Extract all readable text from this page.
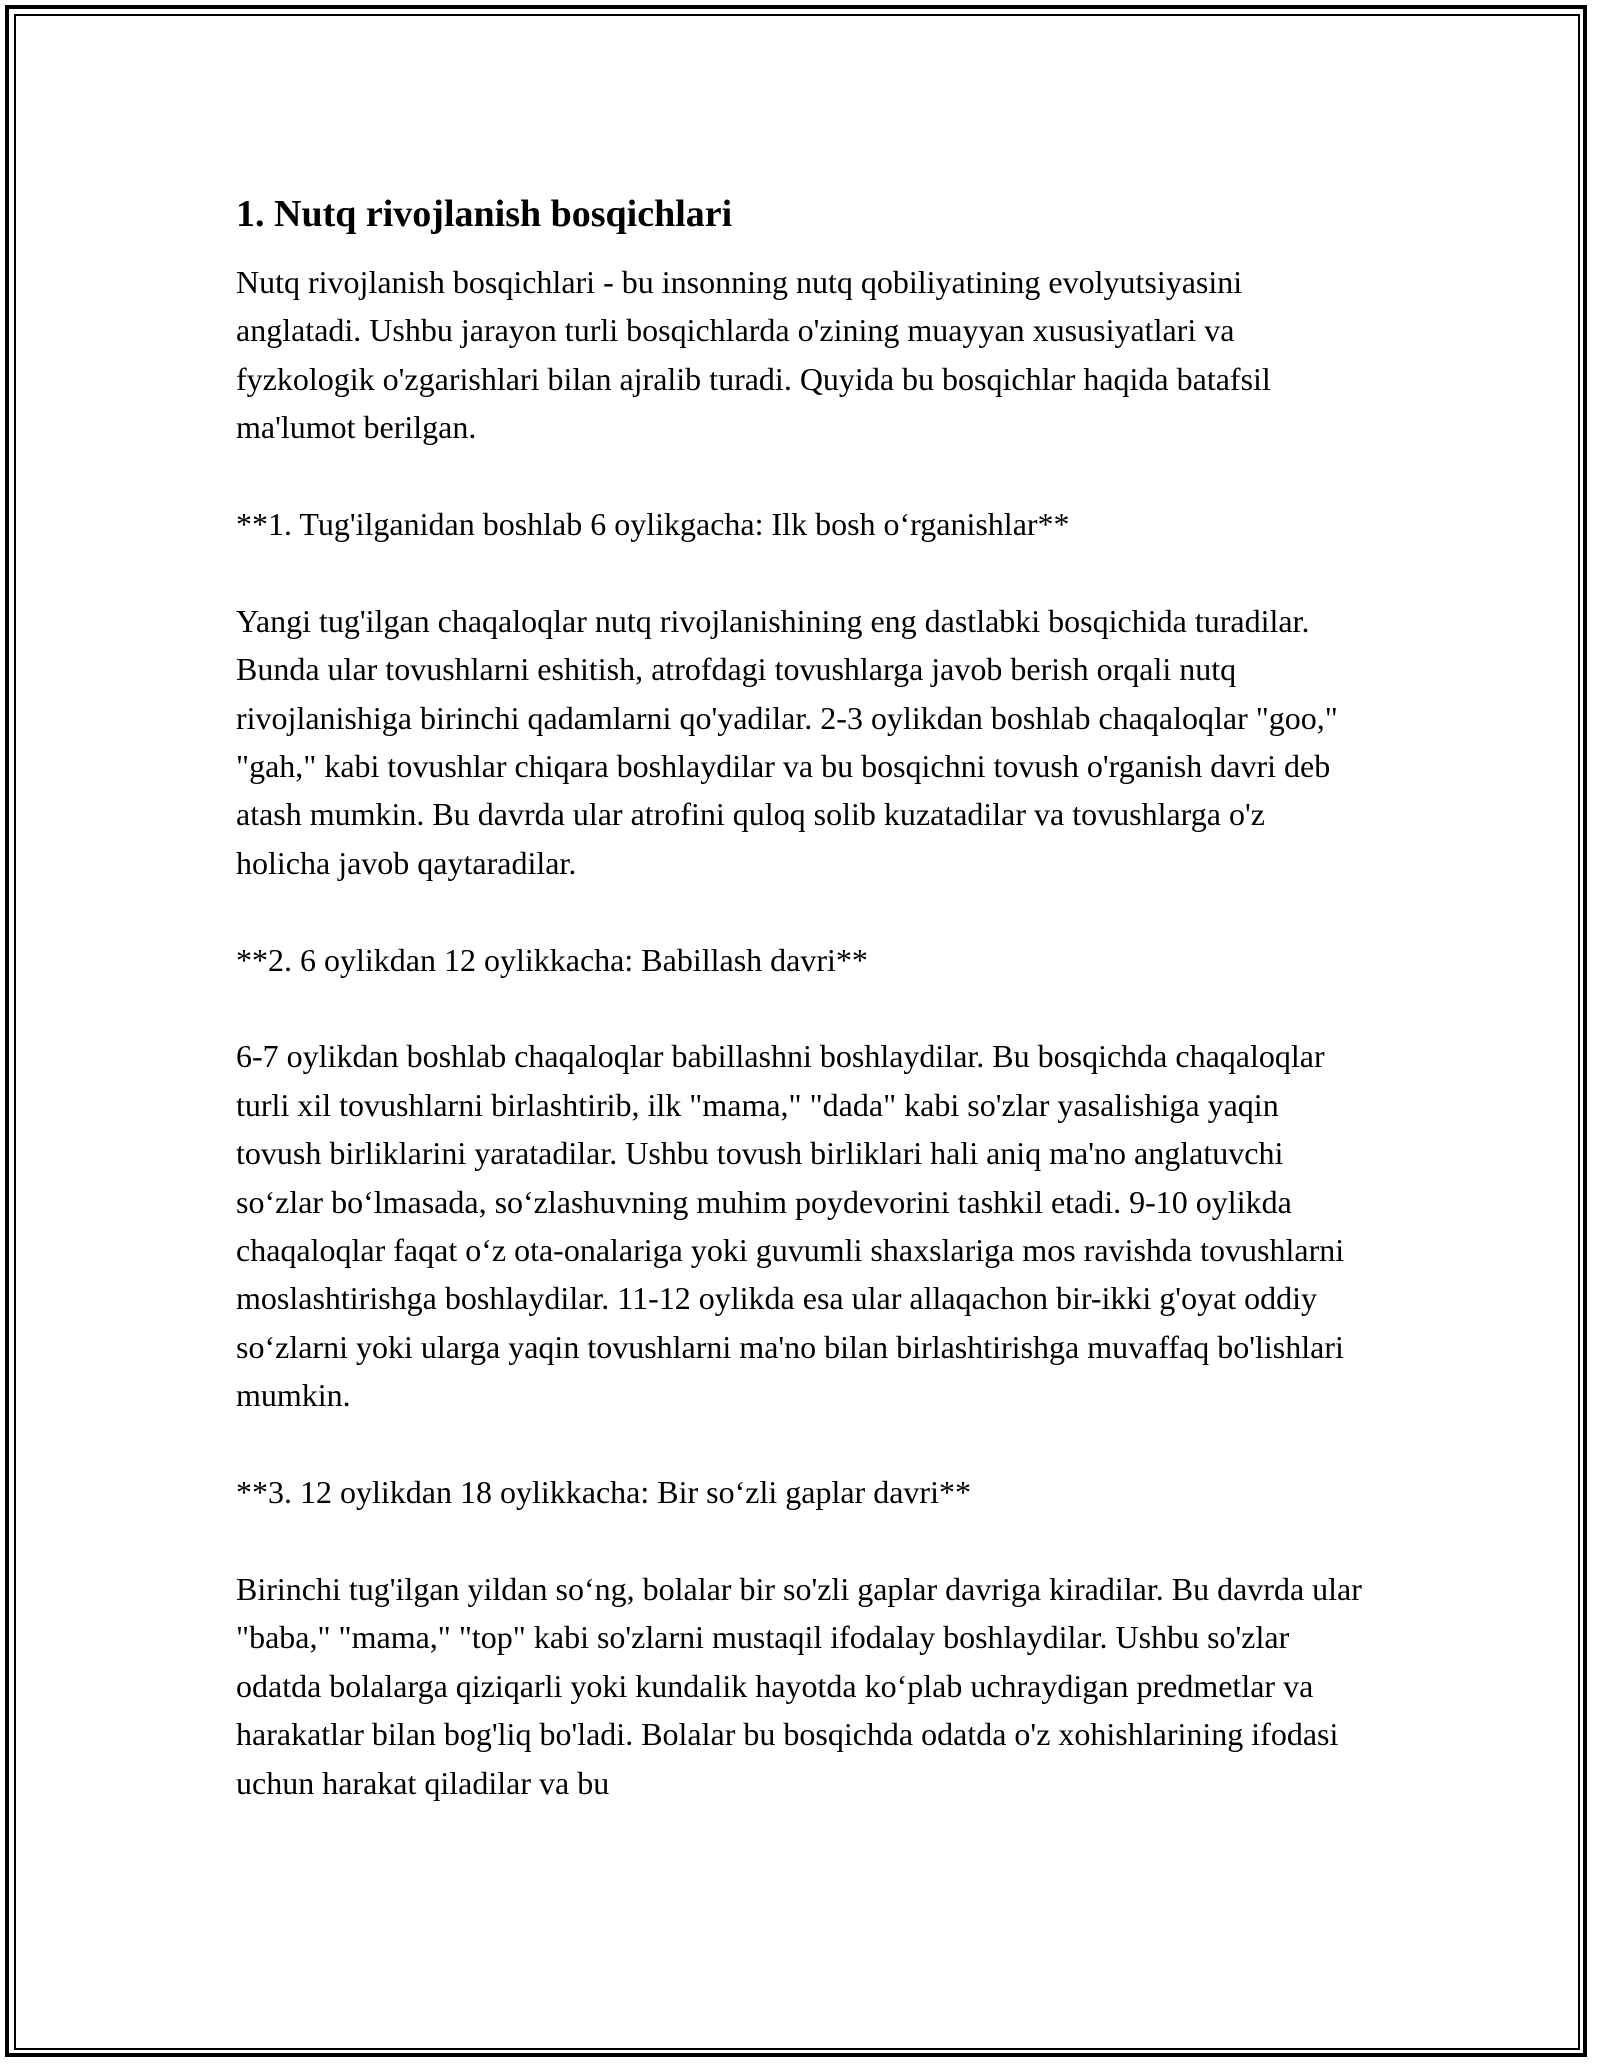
1. Nutq rivojlanish bosqichlari

Nutq rivojlanish bosqichlari - bu insonning nutq qobiliyatining evolyutsiyasini anglatadi. Ushbu jarayon turli bosqichlarda o'zining muayyan xususiyatlari va fyzkologik o'zgarishlari bilan ajralib turadi. Quyida bu bosqichlar haqida batafsil ma'lumot berilgan.

**1. Tug'ilganidan boshlab 6 oylikgacha: Ilk bosh o‘rganishlar**

Yangi tug'ilgan chaqaloqlar nutq rivojlanishining eng dastlabki bosqichida turadilar. Bunda ular tovushlarni eshitish, atrofdagi tovushlarga javob berish orqali nutq rivojlanishiga birinchi qadamlarni qo'yadilar. 2-3 oylikdan boshlab chaqaloqlar "goo," "gah," kabi tovushlar chiqara boshlaydilar va bu bosqichni tovush o'rganish davri deb atash mumkin. Bu davrda ular atrofini quloq solib kuzatadilar va tovushlarga o'z holicha javob qaytaradilar.

**2. 6 oylikdan 12 oylikkacha: Babillash davri**

6-7 oylikdan boshlab chaqaloqlar babillashni boshlaydilar. Bu bosqichda chaqaloqlar turli xil tovushlarni birlashtirib, ilk "mama," "dada" kabi so'zlar yasalishiga yaqin tovush birliklarini yaratadilar. Ushbu tovush birliklari hali aniq ma'no anglatuvchi so‘zlar bo‘lmasada, so‘zlashuvning muhim poydevorini tashkil etadi. 9-10 oylikda chaqaloqlar faqat o‘z ota-onalariga yoki guvumli shaxslariga mos ravishda tovushlarni moslashtirishga boshlaydilar. 11-12 oylikda esa ular allaqachon bir-ikki g'oyat oddiy so‘zlarni yoki ularga yaqin tovushlarni ma'no bilan birlashtirishga muvaffaq bo'lishlari mumkin.

**3. 12 oylikdan 18 oylikkacha: Bir so‘zli gaplar davri**

Birinchi tug'ilgan yildan so‘ng, bolalar bir so'zli gaplar davriga kiradilar. Bu davrda ular "baba," "mama," "top" kabi so'zlarni mustaqil ifodalay boshlaydilar. Ushbu so'zlar odatda bolalarga qiziqarli yoki kundalik hayotda ko‘plab uchraydigan predmetlar va harakatlar bilan bog'liq bo'ladi. Bolalar bu bosqichda odatda o'z xohishlarining ifodasi uchun harakat qiladilar va bu
